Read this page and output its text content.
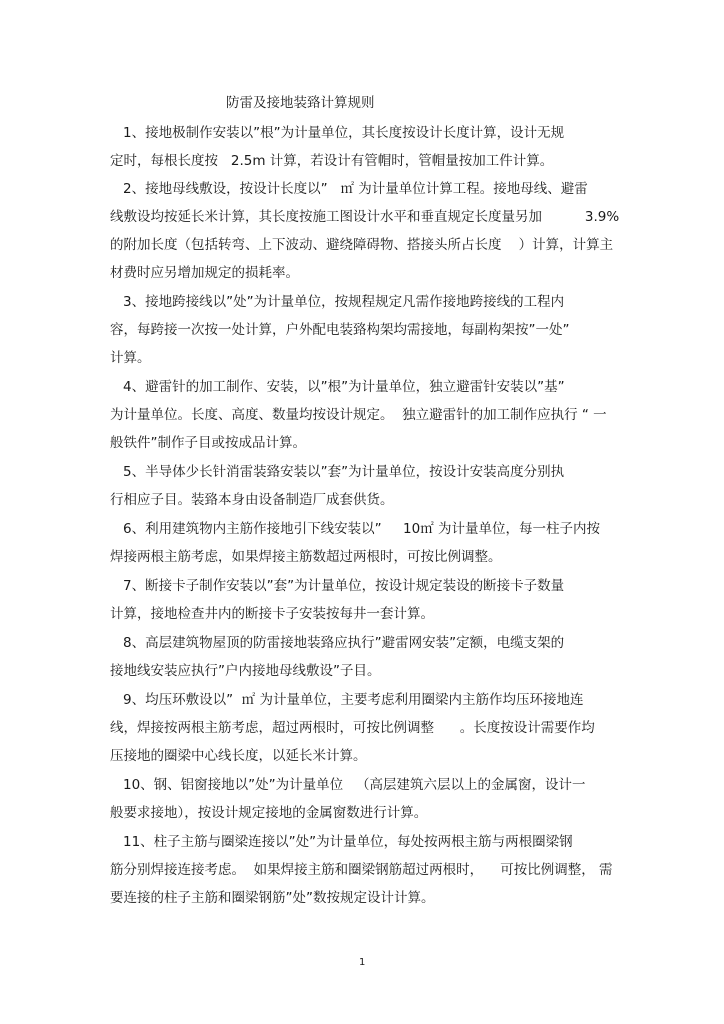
防雷及接地装臵计算规则
1、接地极制作安装以”根”为计量单位，其长度按设计长度计算，设计无规
定时，每根长度按   2.5m 计算，若设计有管帽时，管帽量按加工件计算。
2、接地母线敷设，按设计长度以”   ㎡ 为计量单位计算工程。接地母线、避雷
线敷设均按延长米计算，其长度按施工图设计水平和垂直规定长度量另加          3.9%
的附加长度（包括转弯、上下波动、避绕障碍物、搭接头所占长度    ）计算，计算主
材费时应另增加规定的损耗率。
3、接地跨接线以”处”为计量单位，按规程规定凡需作接地跨接线的工程内
容，每跨接一次按一处计算，户外配电装臵构架均需接地，每副构架按”一处”
计算。
4、避雷针的加工制作、安装，以”根”为计量单位，独立避雷针安装以”基”
为计量单位。长度、高度、数量均按设计规定。  独立避雷针的加工制作应执行 “ 一
般铁件”制作子目或按成品计算。
5、半导体少长针消雷装臵安装以”套”为计量单位，按设计安装高度分别执
行相应子目。装臵本身由设备制造厂成套供货。
6、利用建筑物内主筋作接地引下线安装以”     10㎡ 为计量单位，每一柱子内按
焊接两根主筋考虑，如果焊接主筋数超过两根时，可按比例调整。
7、断接卡子制作安装以”套”为计量单位，按设计规定装设的断接卡子数量
计算，接地检查井内的断接卡子安装按每井一套计算。
8、高层建筑物屋顶的防雷接地装臵应执行”避雷网安装”定额，电缆支架的
接地线安装应执行”户内接地母线敷设”子目。
9、均压环敷设以”  ㎡ 为计量单位，主要考虑利用圈梁内主筋作均压环接地连
线，焊接按两根主筋考虑，超过两根时，可按比例调整      。长度按设计需要作均
压接地的圈梁中心线长度，以延长米计算。
10、钢、铝窗接地以”处”为计量单位   （高层建筑六层以上的金属窗，设计一
般要求接地），按设计规定接地的金属窗数进行计算。
11、柱子主筋与圈梁连接以”处”为计量单位，每处按两根主筋与两根圈梁钢
筋分别焊接连接考虑。  如果焊接主筋和圈梁钢筋超过两根时，    可按比例调整， 需
要连接的柱子主筋和圈梁钢筋”处”数按规定设计计算。
1
